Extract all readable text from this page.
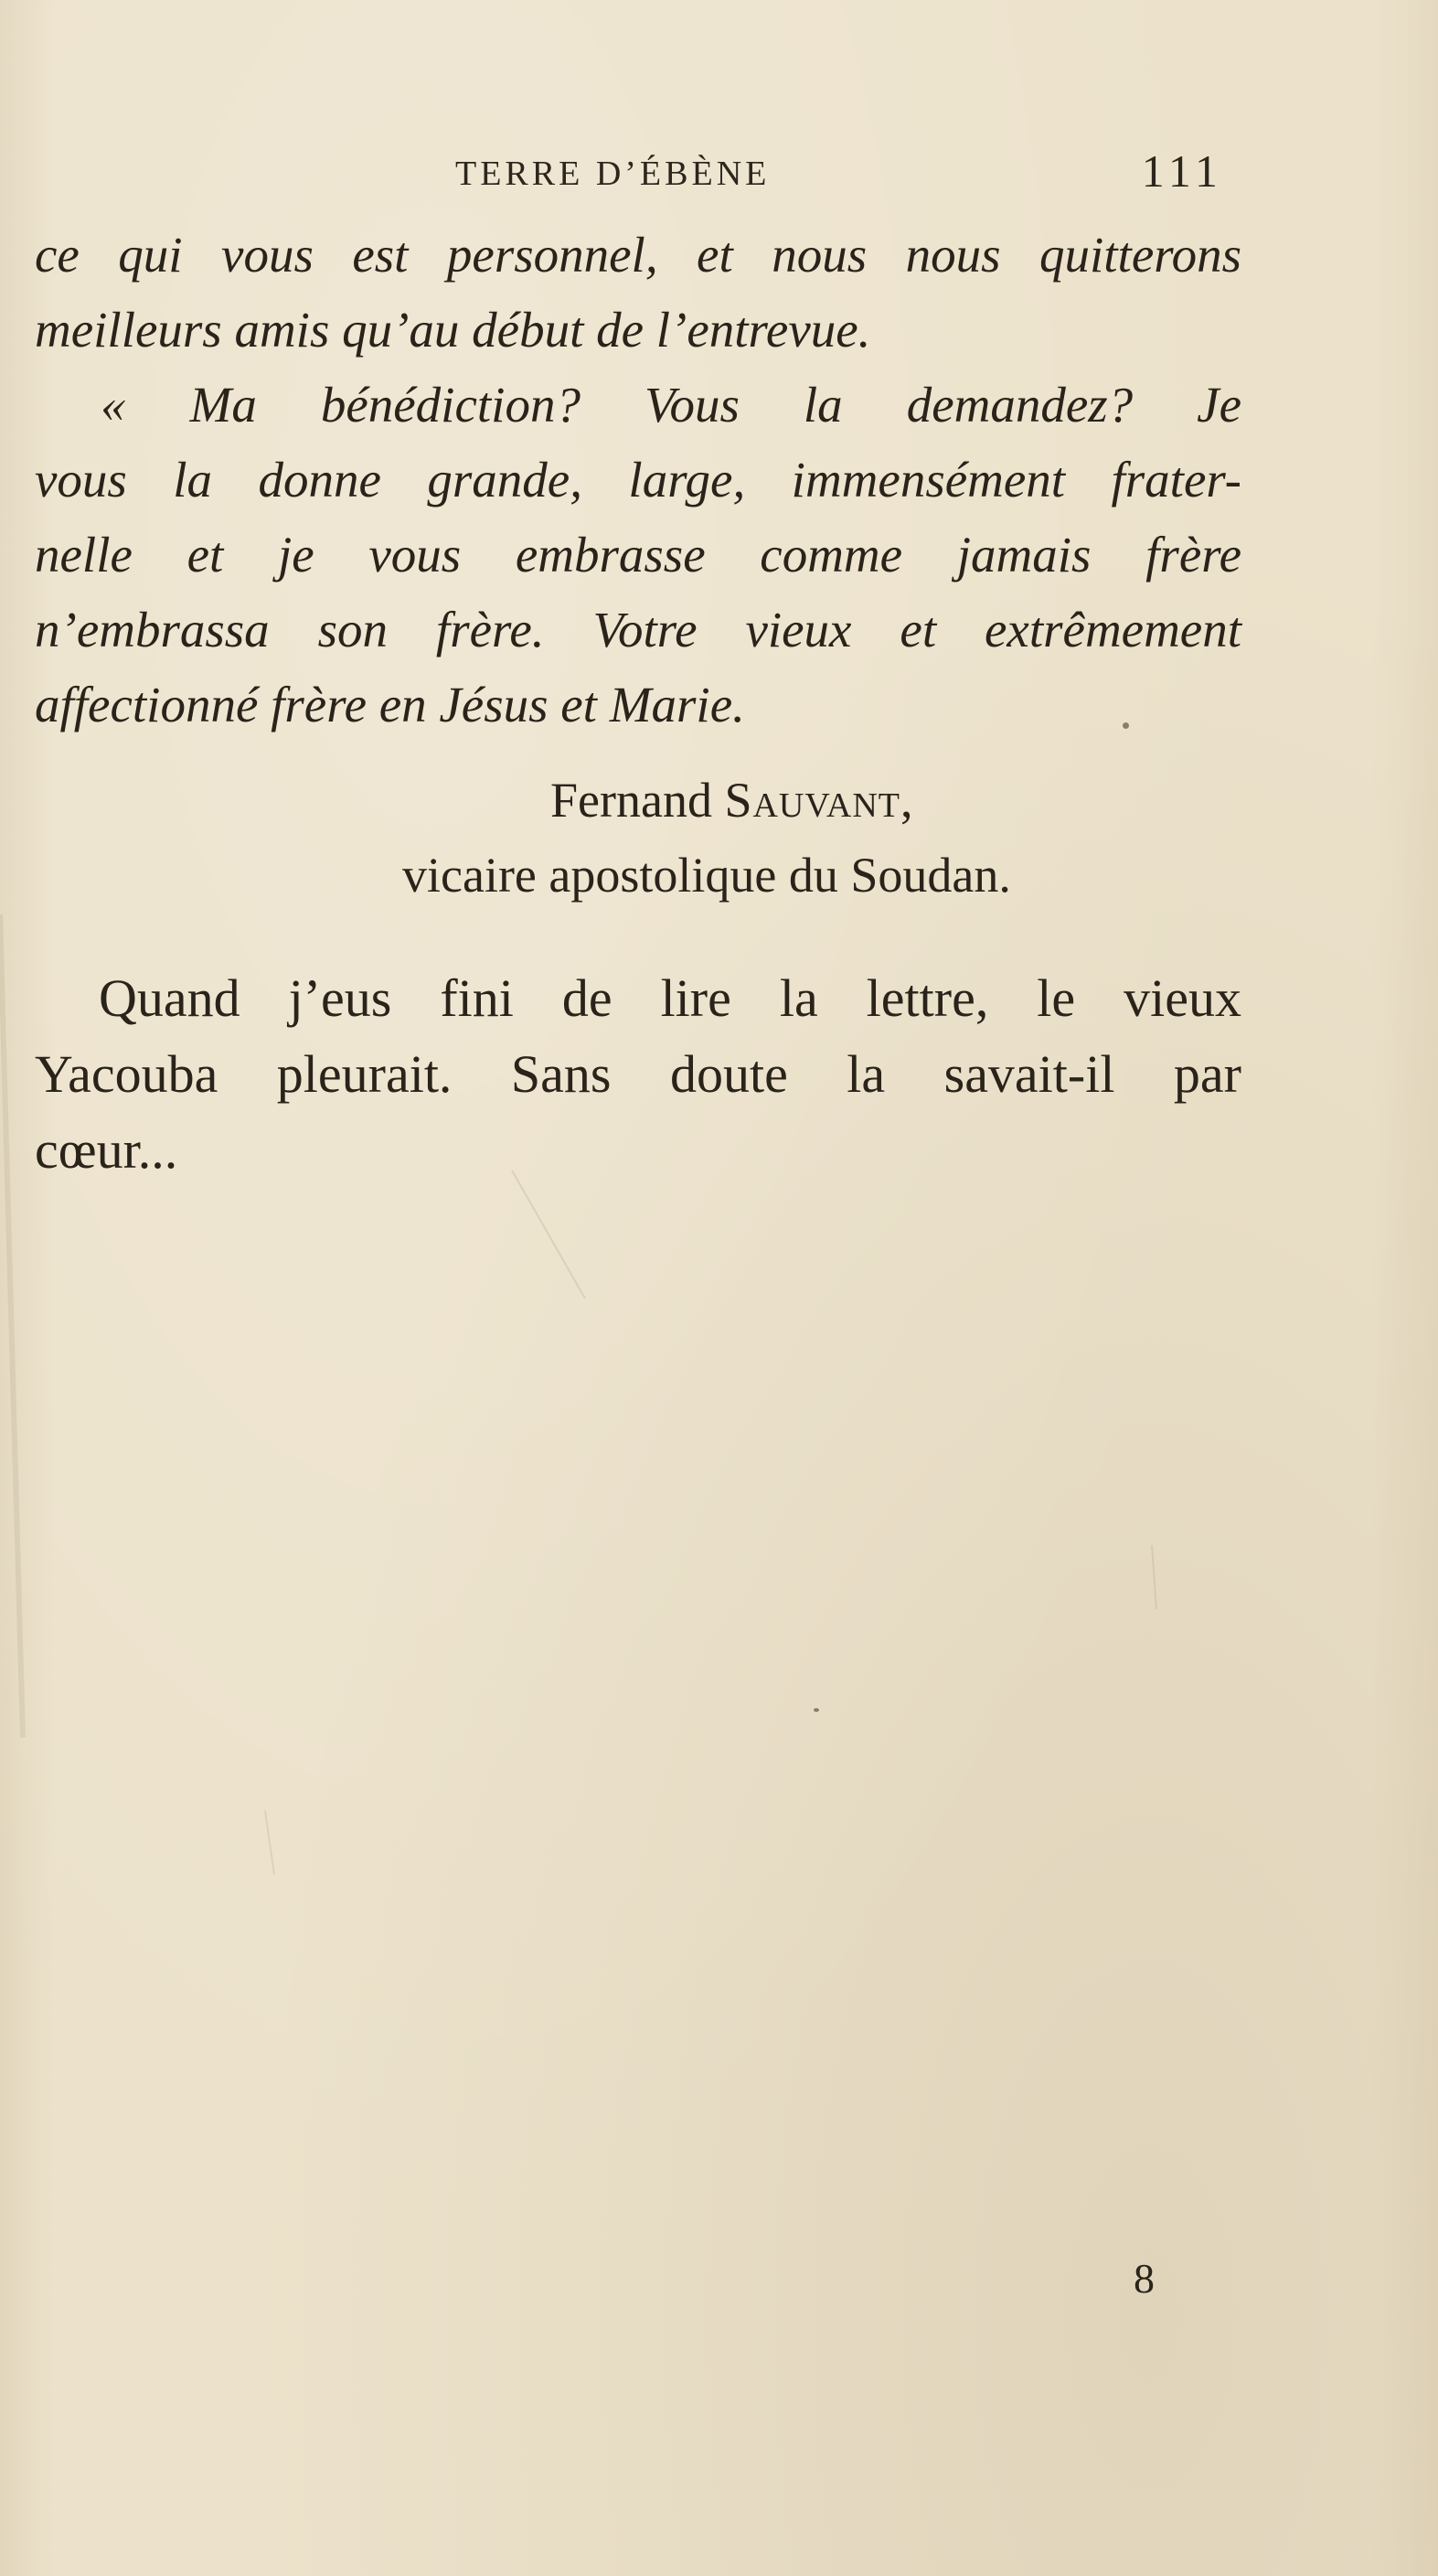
TERRE D’ÉBÈNE	111
ce qui vous est personnel, et nous nous quitterons
meilleurs amis qu’au début de l’entrevue.
« Ma bénédiction? Vous la demandez? Je
vous la donne grande, large, immensément frater-
nelle et je vous embrasse comme jamais frère
n’embrassa son frère. Votre vieux et extrêmement
affectionné frère en Jésus et Marie.
Fernand Sauvant,
vicaire apostolique du Soudan.
Quand j’eus fini de lire la lettre, le vieux
Yacouba pleurait. Sans doute la savait-il par
cœur...
8
